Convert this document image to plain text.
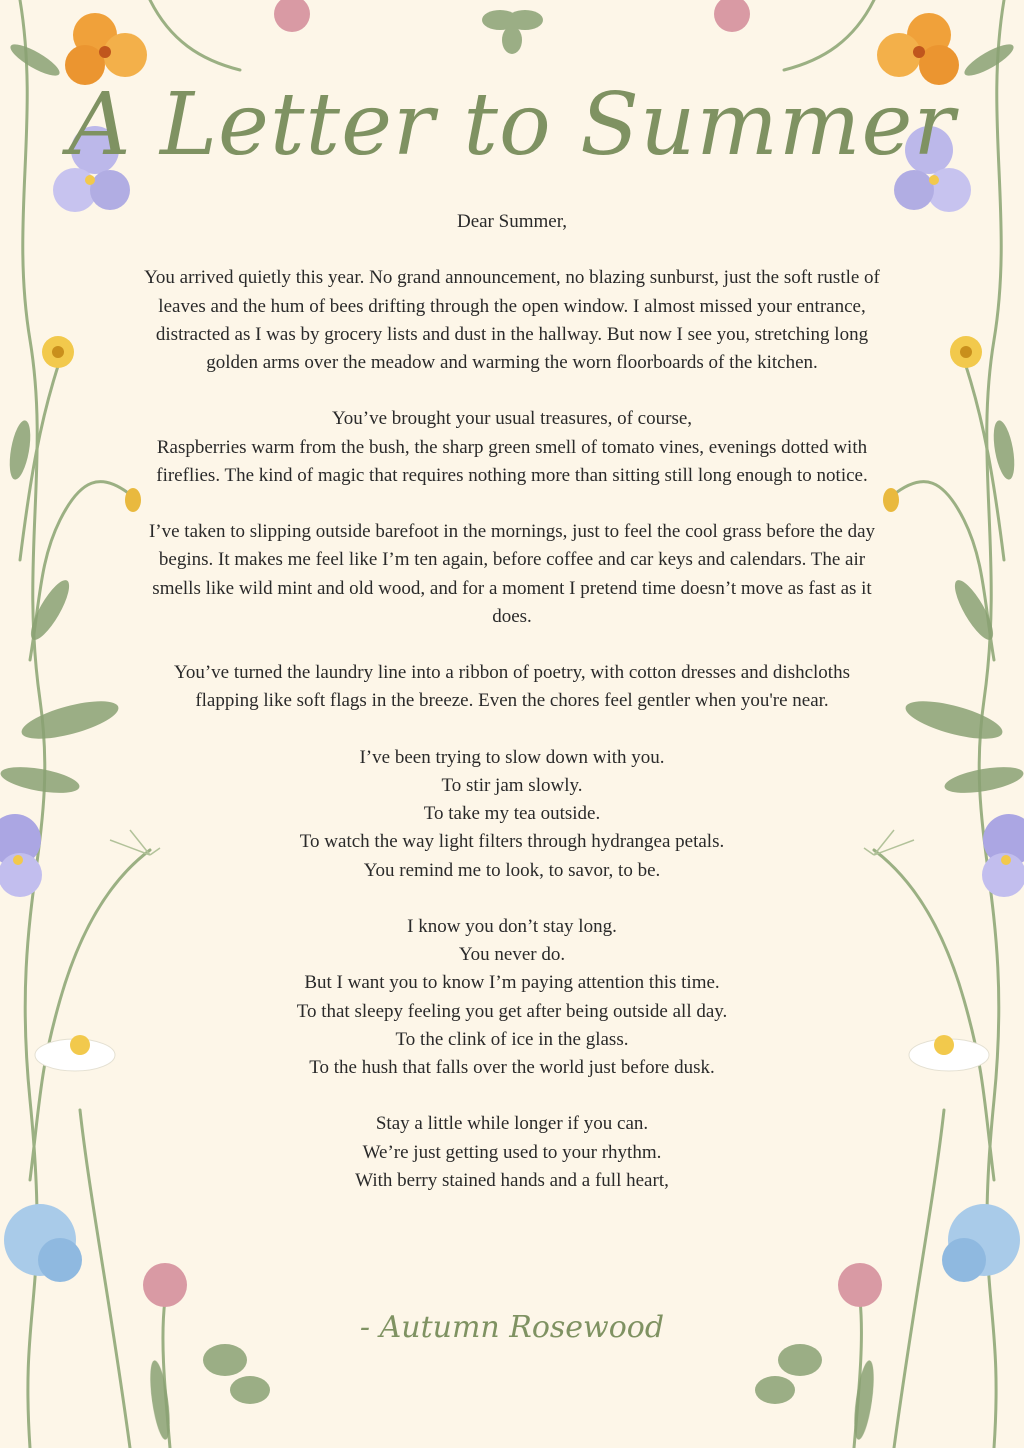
A Letter to Summer

Dear Summer,

You arrived quietly this year. No grand announcement, no blazing sunburst, just the soft rustle of leaves and the hum of bees drifting through the open window. I almost missed your entrance, distracted as I was by grocery lists and dust in the hallway. But now I see you, stretching long golden arms over the meadow and warming the worn floorboards of the kitchen.

You’ve brought your usual treasures, of course,
Raspberries warm from the bush, the sharp green smell of tomato vines, evenings dotted with fireflies. The kind of magic that requires nothing more than sitting still long enough to notice.

I’ve taken to slipping outside barefoot in the mornings, just to feel the cool grass before the day begins. It makes me feel like I’m ten again, before coffee and car keys and calendars. The air smells like wild mint and old wood, and for a moment I pretend time doesn’t move as fast as it does.

You’ve turned the laundry line into a ribbon of poetry, with cotton dresses and dishcloths flapping like soft flags in the breeze. Even the chores feel gentler when you're near.

I’ve been trying to slow down with you.
To stir jam slowly.
To take my tea outside.
To watch the way light filters through hydrangea petals.
You remind me to look, to savor, to be.

I know you don’t stay long.
You never do.
But I want you to know I’m paying attention this time.
To that sleepy feeling you get after being outside all day.
To the clink of ice in the glass.
To the hush that falls over the world just before dusk.

Stay a little while longer if you can.
We’re just getting used to your rhythm.
With berry stained hands and a full heart,

- Autumn Rosewood
